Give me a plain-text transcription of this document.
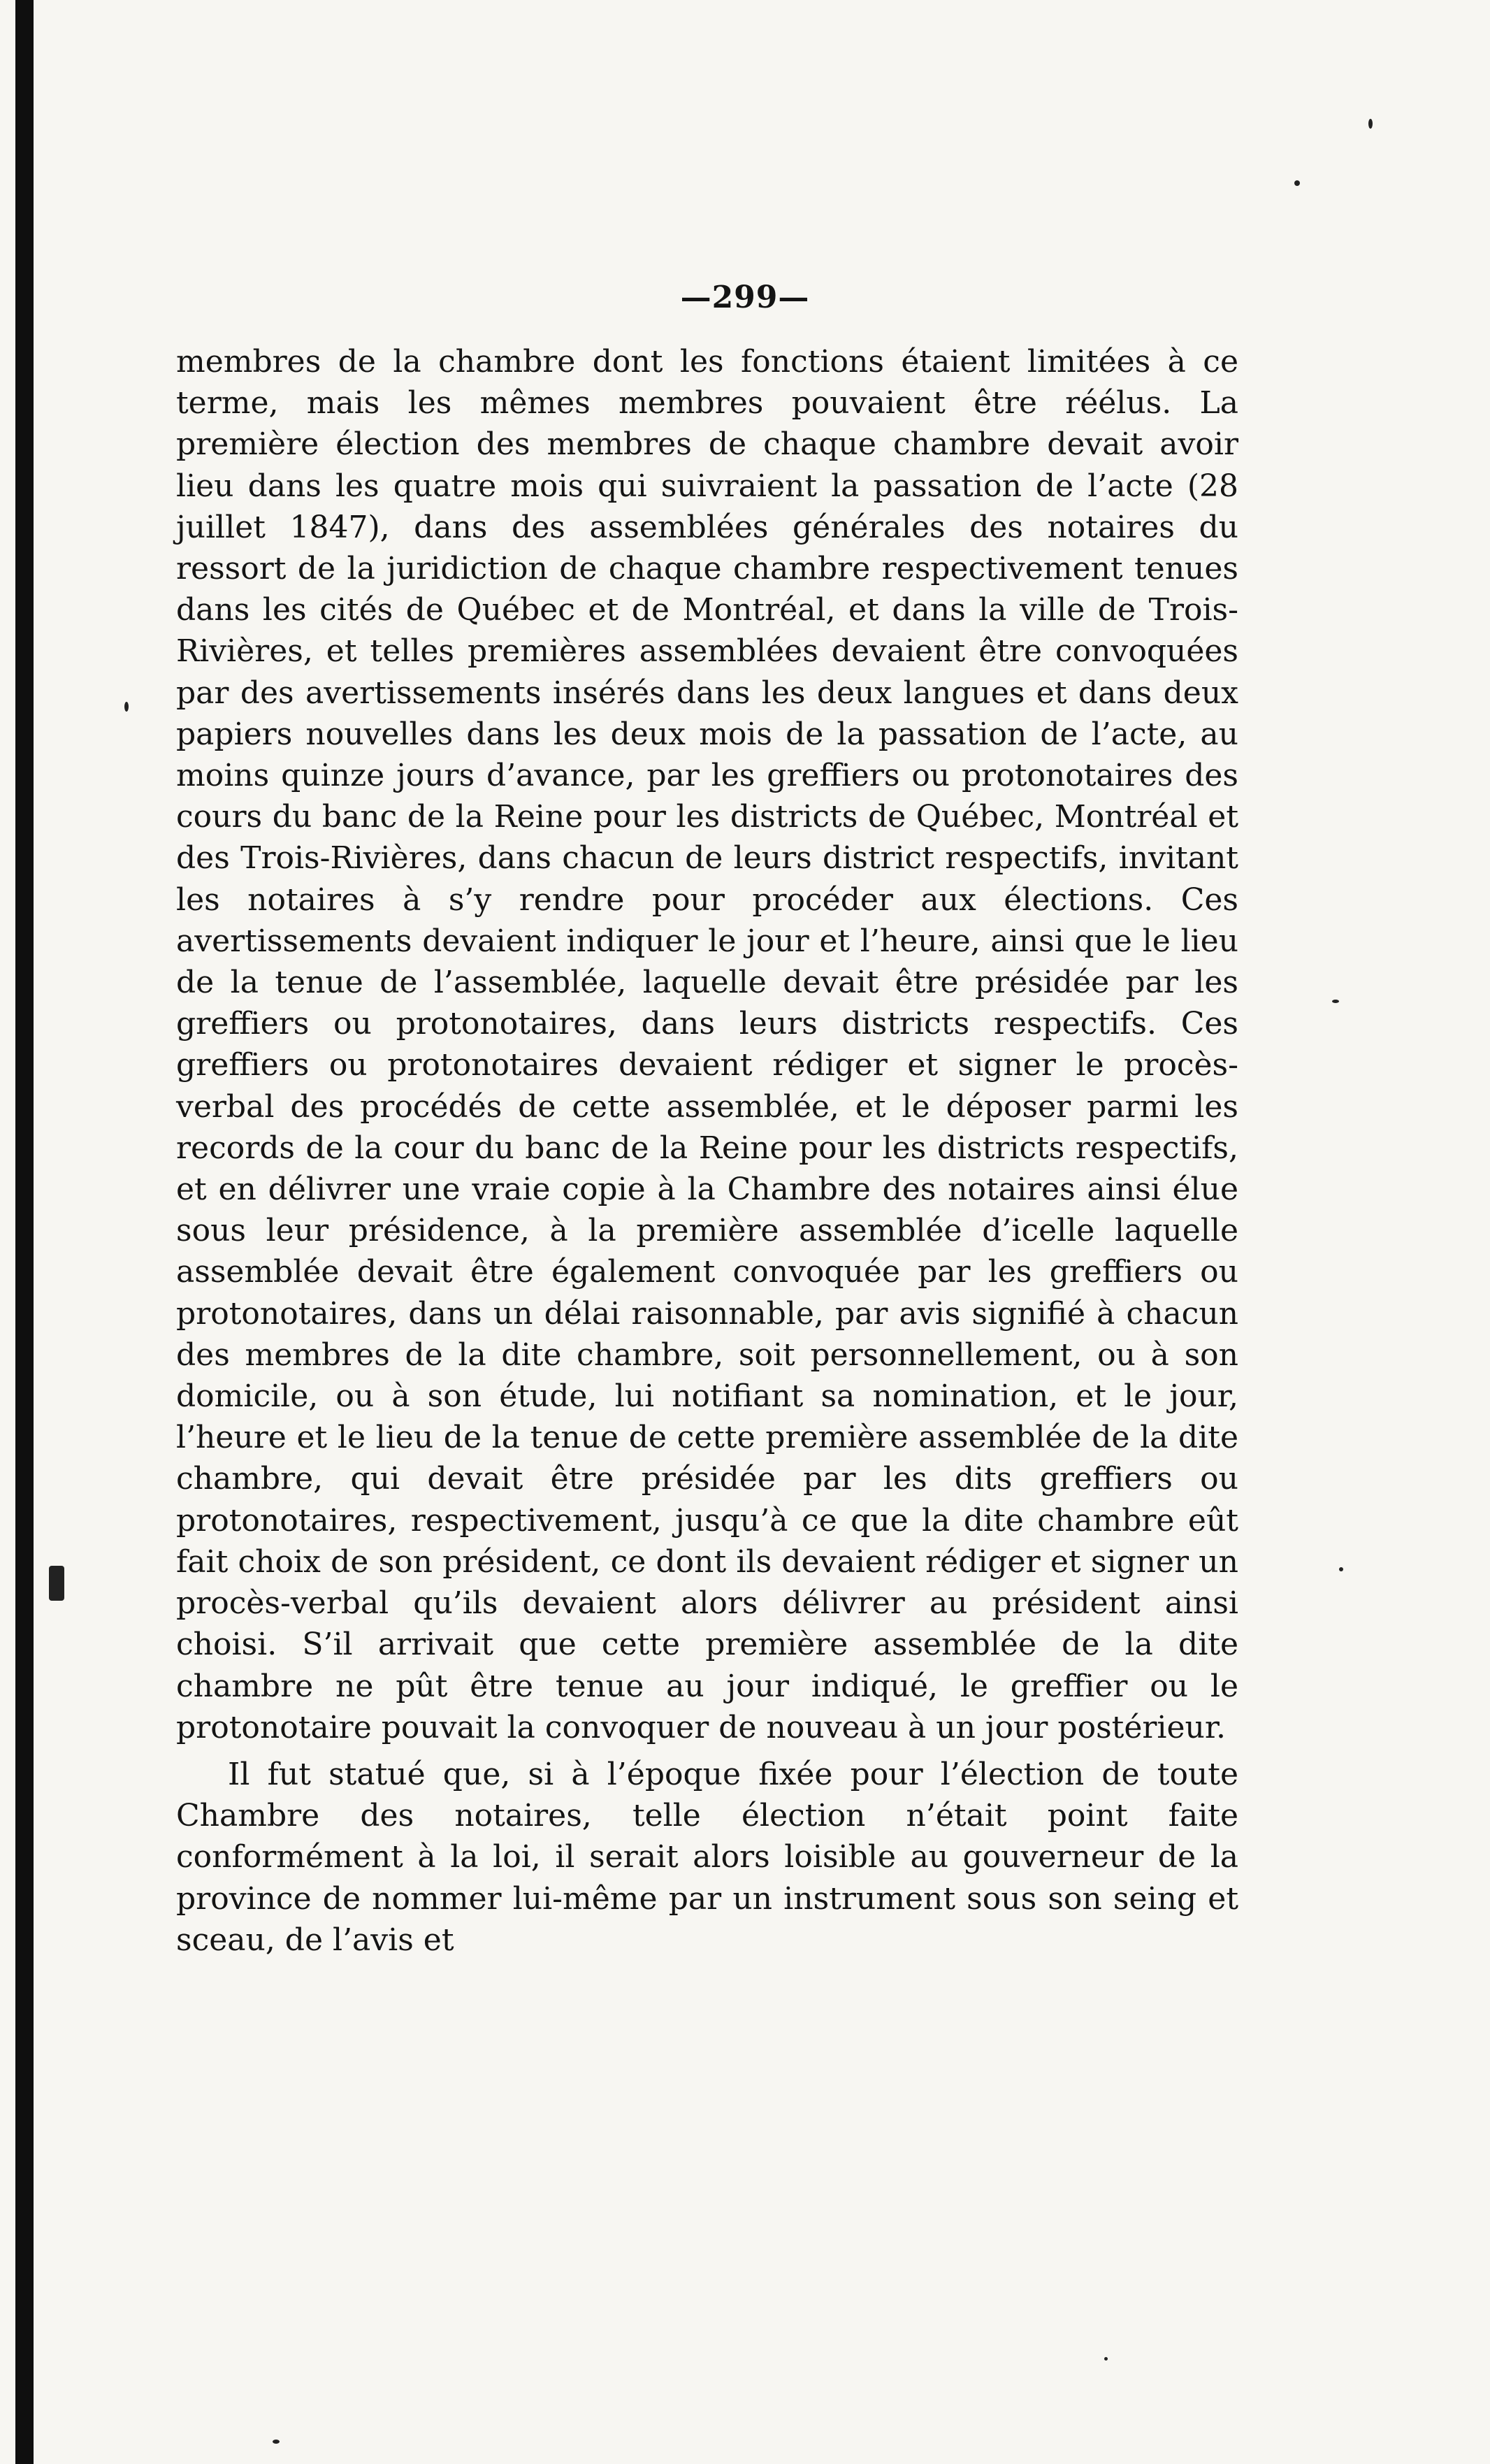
—299—

membres de la chambre dont les fonctions étaient limitées à ce terme, mais les mêmes membres pouvaient être réélus. La première élection des membres de chaque chambre devait avoir lieu dans les quatre mois qui suivraient la passation de l’acte (28 juillet 1847), dans des assemblées générales des notaires du ressort de la juridiction de chaque chambre respectivement tenues dans les cités de Québec et de Montréal, et dans la ville de Trois-Rivières, et telles premières assemblées devaient être convoquées par des avertissements insérés dans les deux langues et dans deux papiers nouvelles dans les deux mois de la passation de l’acte, au moins quinze jours d’avance, par les greffiers ou protonotaires des cours du banc de la Reine pour les districts de Québec, Montréal et des Trois-Rivières, dans chacun de leurs district respectifs, invitant les notaires à s’y rendre pour procéder aux élections. Ces avertissements devaient indiquer le jour et l’heure, ainsi que le lieu de la tenue de l’assemblée, laquelle devait être présidée par les greffiers ou protonotaires, dans leurs districts respectifs. Ces greffiers ou protonotaires devaient rédiger et signer le procès-verbal des procédés de cette assemblée, et le déposer parmi les records de la cour du banc de la Reine pour les districts respectifs, et en délivrer une vraie copie à la Chambre des notaires ainsi élue sous leur présidence, à la première assemblée d’icelle laquelle assemblée devait être également convoquée par les greffiers ou protonotaires, dans un délai raisonnable, par avis signifié à chacun des membres de la dite chambre, soit personnellement, ou à son domicile, ou à son étude, lui notifiant sa nomination, et le jour, l’heure et le lieu de la tenue de cette première assemblée de la dite chambre, qui devait être présidée par les dits greffiers ou protonotaires, respectivement, jusqu’à ce que la dite chambre eût fait choix de son président, ce dont ils devaient rédiger et signer un procès-verbal qu’ils devaient alors délivrer au président ainsi choisi. S’il arrivait que cette première assemblée de la dite chambre ne pût être tenue au jour indiqué, le greffier ou le protonotaire pouvait la convoquer de nouveau à un jour postérieur.

Il fut statué que, si à l’époque fixée pour l’élection de toute Chambre des notaires, telle élection n’était point faite conformément à la loi, il serait alors loisible au gouverneur de la province de nommer lui-même par un instrument sous son seing et sceau, de l’avis et
